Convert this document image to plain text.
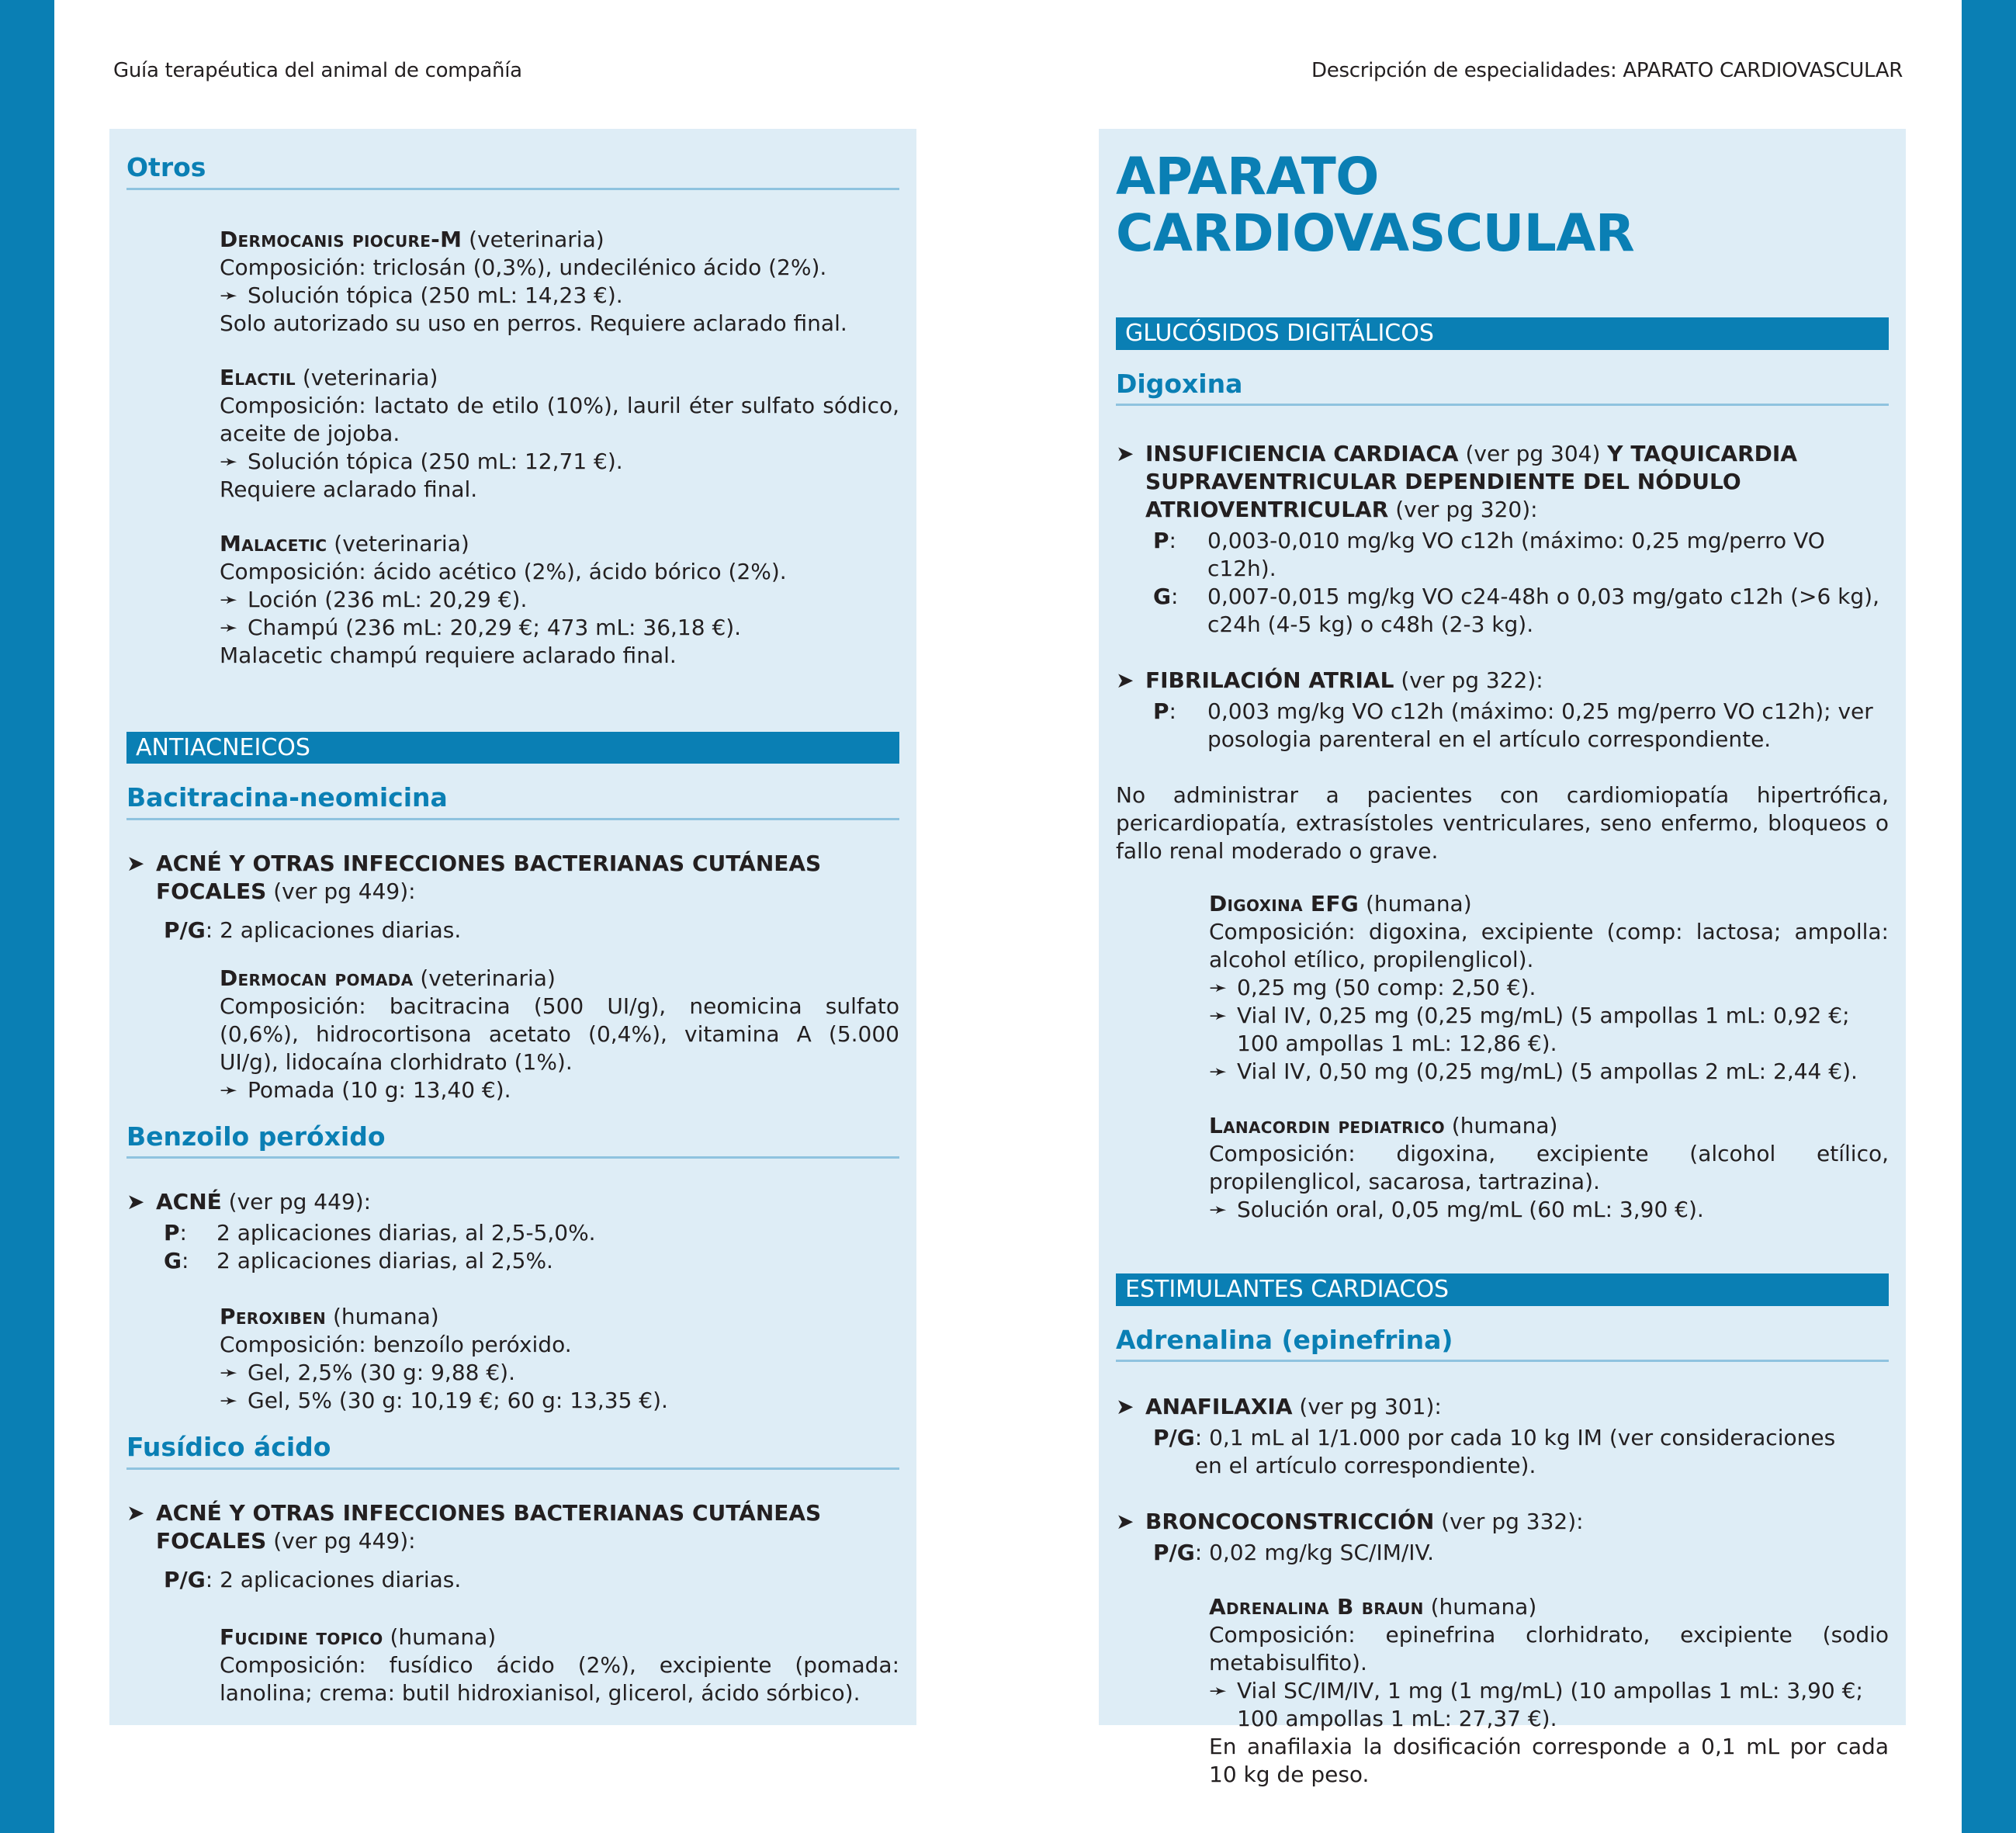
Guía terapéutica del animal de compañía	Descripción de especialidades: APARATO CARDIOVASCULAR
Otros
Dermocanis piocure-M (veterinaria)
Composición: triclosán (0,3%), undecilénico ácido (2%).
➛ Solución tópica (250 mL: 14,23 €).
Solo autorizado su uso en perros. Requiere aclarado final.
Elactil (veterinaria)
Composición: lactato de etilo (10%), lauril éter sulfato sódico, aceite de jojoba.
➛ Solución tópica (250 mL: 12,71 €).
Requiere aclarado final.
Malacetic (veterinaria)
Composición: ácido acético (2%), ácido bórico (2%).
➛ Loción (236 mL: 20,29 €).
➛ Champú (236 mL: 20,29 €; 473 mL: 36,18 €).
Malacetic champú requiere aclarado final.
ANTIACNEICOS
Bacitracina-neomicina
➤ ACNÉ Y OTRAS INFECCIONES BACTERIANAS CUTÁNEAS FOCALES (ver pg 449):
P/G : 2 aplicaciones diarias.
Dermocan pomada (veterinaria)
Composición: bacitracina (500 UI/g), neomicina sulfato (0,6%), hidrocortisona acetato (0,4%), vitamina A (5.000 UI/g), lidocaína clorhidrato (1%).
➛ Pomada (10 g: 13,40 €).
Benzoilo peróxido
➤ ACNÉ (ver pg 449):
P:	2 aplicaciones diarias, al 2,5-5,0%.
G:	2 aplicaciones diarias, al 2,5%.
Peroxiben (humana)
Composición: benzoílo peróxido.
➛ Gel, 2,5% (30 g: 9,88 €).
➛ Gel, 5% (30 g: 10,19 €; 60 g: 13,35 €).
Fusídico ácido
➤ ACNÉ Y OTRAS INFECCIONES BACTERIANAS CUTÁNEAS FOCALES (ver pg 449):
P/G : 2 aplicaciones diarias.
Fucidine topico (humana)
Composición: fusídico ácido (2%), excipiente (pomada: lanolina; crema: butil hidroxianisol, glicerol, ácido sórbico).
APARATO CARDIOVASCULAR
GLUCÓSIDOS DIGITÁLICOS
Digoxina
➤ INSUFICIENCIA CARDIACA (ver pg 304) Y TAQUICARDIA SUPRAVENTRICULAR DEPENDIENTE DEL NÓDULO ATRIOVENTRICULAR (ver pg 320):
P:	0,003-0,010 mg/kg VO c12h (máximo: 0,25 mg/perro VO c12h).
G:	0,007-0,015 mg/kg VO c24-48h o 0,03 mg/gato c12h (>6 kg), c24h (4-5 kg) o c48h (2-3 kg).
➤ FIBRILACIÓN ATRIAL (ver pg 322):
P:	0,003 mg/kg VO c12h (máximo: 0,25 mg/perro VO c12h); ver posologia parenteral en el artículo correspondiente.
No administrar a pacientes con cardiomiopatía hipertrófica, pericardiopatía, extrasístoles ventriculares, seno enfermo, bloqueos o fallo renal moderado o grave.
Digoxina EFG (humana)
Composición: digoxina, excipiente (comp: lactosa; ampolla: alcohol etílico, propilenglicol).
➛ 0,25 mg (50 comp: 2,50 €).
➛ Vial IV, 0,25 mg (0,25 mg/mL) (5 ampollas 1 mL: 0,92 €; 100 ampollas 1 mL: 12,86 €).
➛ Vial IV, 0,50 mg (0,25 mg/mL) (5 ampollas 2 mL: 2,44 €).
Lanacordin pediatrico (humana)
Composición: digoxina, excipiente (alcohol etílico, propilenglicol, sacarosa, tartrazina).
➛ Solución oral, 0,05 mg/mL (60 mL: 3,90 €).
ESTIMULANTES CARDIACOS
Adrenalina (epinefrina)
➤ ANAFILAXIA (ver pg 301):
P/G : 0,1 mL al 1/1.000 por cada 10 kg IM (ver consideraciones en el artículo correspondiente).
➤ BRONCOCONSTRICCIÓN (ver pg 332):
P/G : 0,02 mg/kg SC/IM/IV.
Adrenalina B braun (humana)
Composición: epinefrina clorhidrato, excipiente (sodio metabisulfito).
➛ Vial SC/IM/IV, 1 mg (1 mg/mL) (10 ampollas 1 mL: 3,90 €; 100 ampollas 1 mL: 27,37 €).
En anafilaxia la dosificación corresponde a 0,1 mL por cada 10 kg de peso.
